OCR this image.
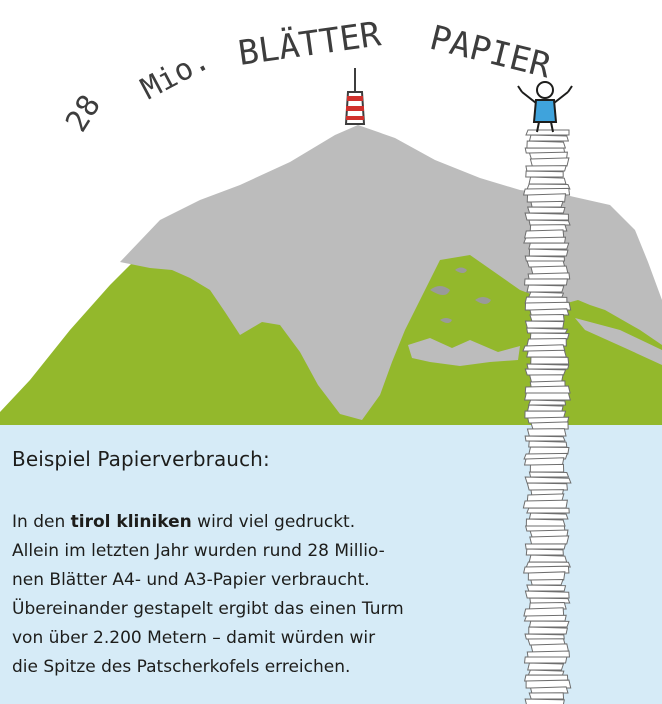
28
Mio. BLÄTTER PAPIER
Beispiel Papierverbrauch:
In den tirol kliniken wird viel gedruckt.
Allein im letzten Jahr wurden rund 28 Millio-
nen Blätter A4- und A3-Papier verbraucht.
Übereinander gestapelt ergibt das einen Turm
von über 2.200 Metern – damit würden wir
die Spitze des Patscherkofels erreichen.
